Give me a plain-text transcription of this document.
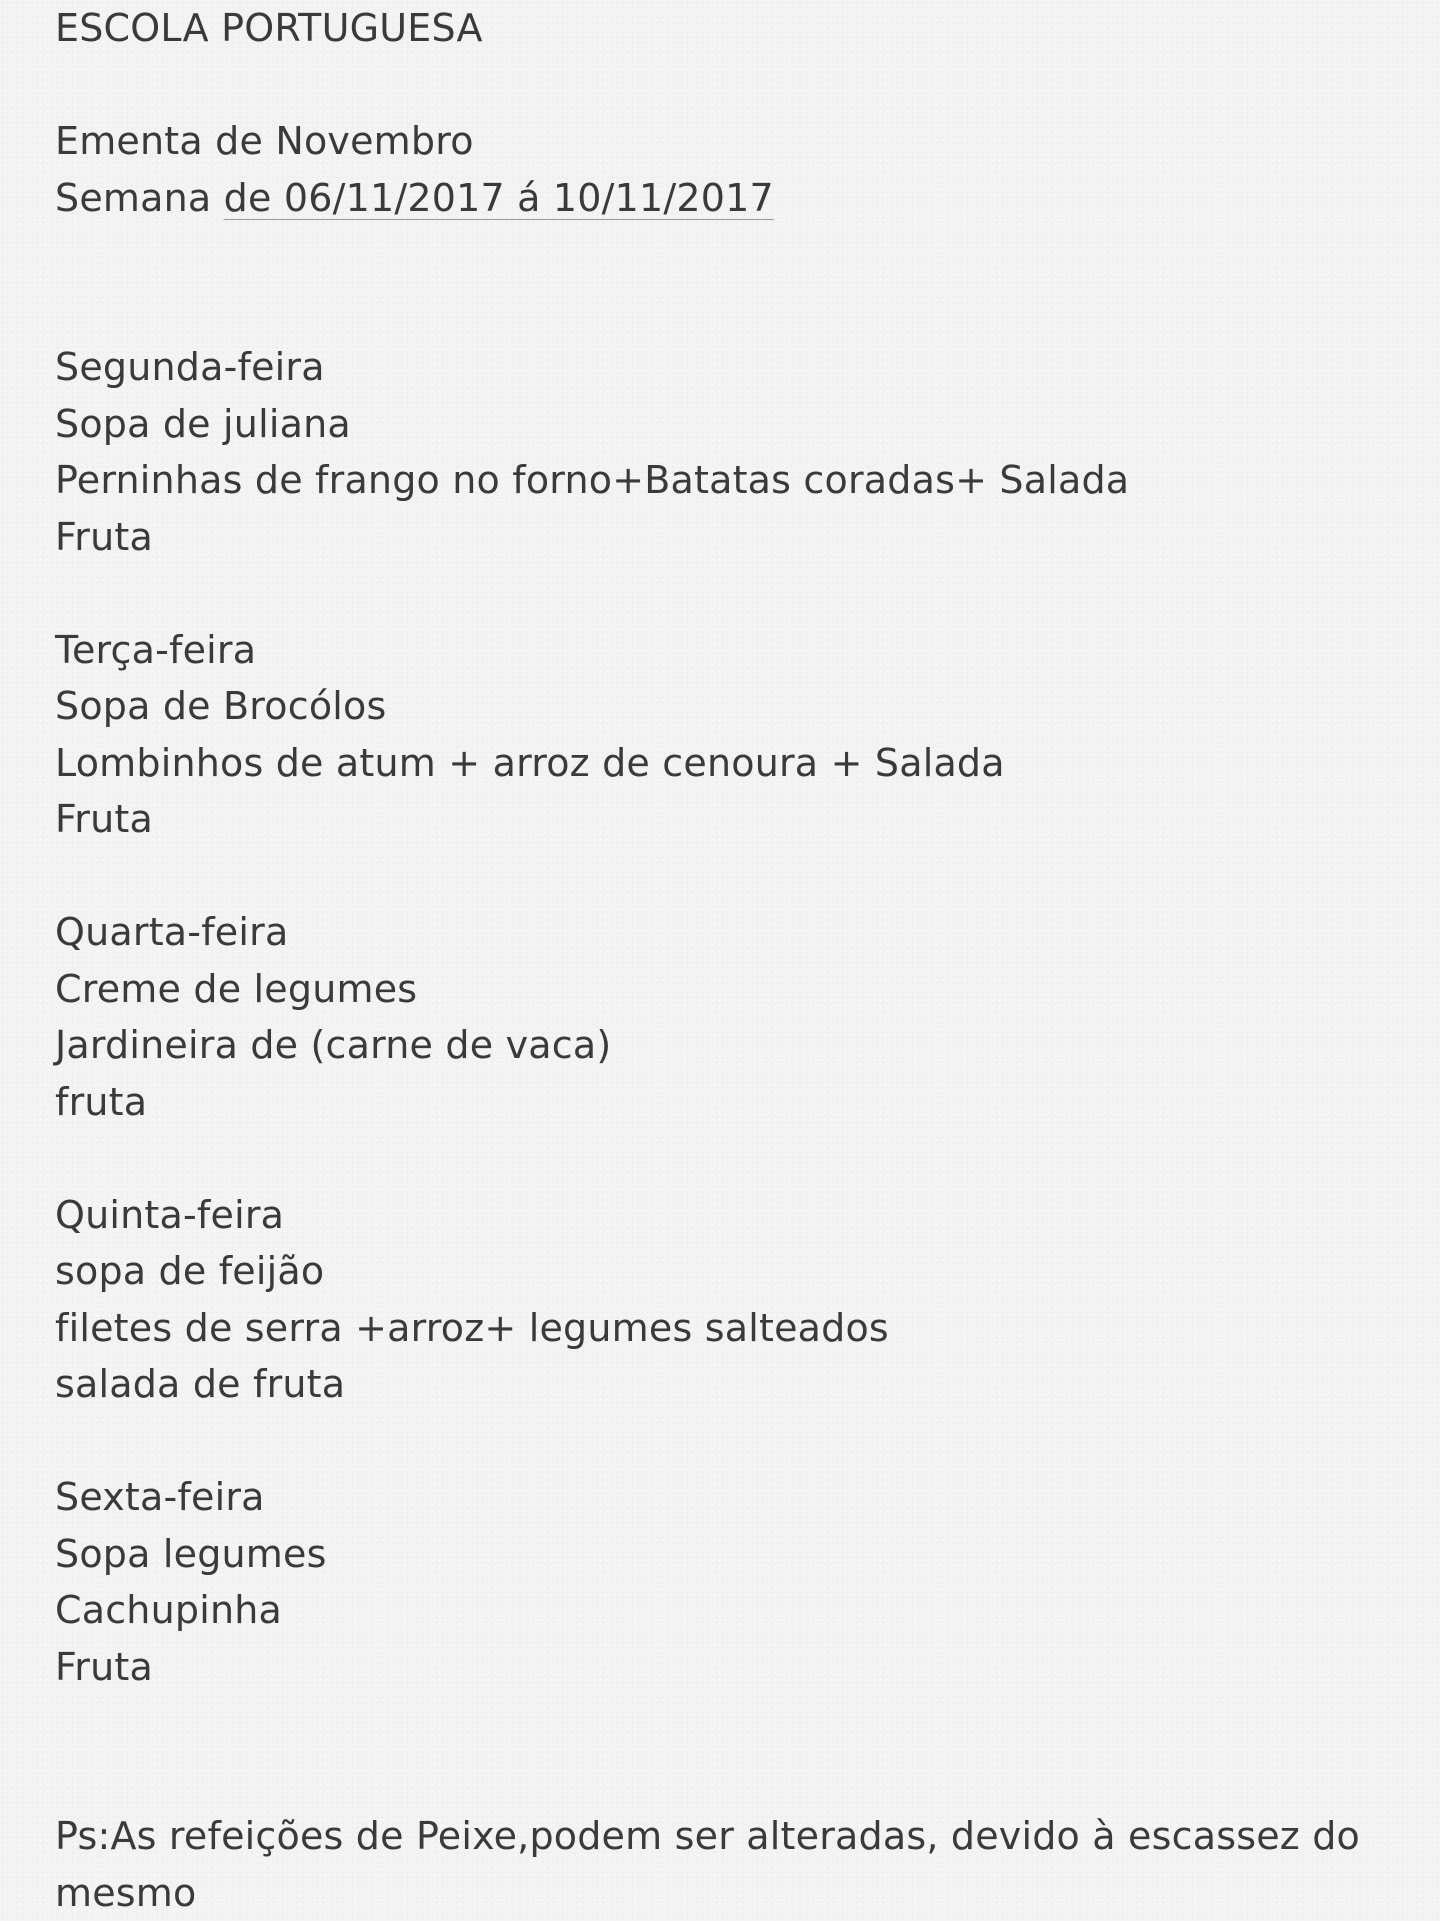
ESCOLA PORTUGUESA

Ementa de Novembro

Semana de 06/11/2017 á 10/11/2017

Segunda-feira

Sopa de juliana

Perninhas de frango no forno+Batatas coradas+ Salada

Fruta

Terça-feira

Sopa de Brocólos

Lombinhos de atum + arroz de cenoura + Salada

Fruta

Quarta-feira

Creme de legumes

Jardineira de (carne de vaca)

fruta

Quinta-feira

sopa de feijão

filetes de serra +arroz+ legumes salteados

salada de fruta

Sexta-feira

Sopa legumes

Cachupinha

Fruta

Ps:As refeições de Peixe,podem ser alteradas, devido à escassez do mesmo
